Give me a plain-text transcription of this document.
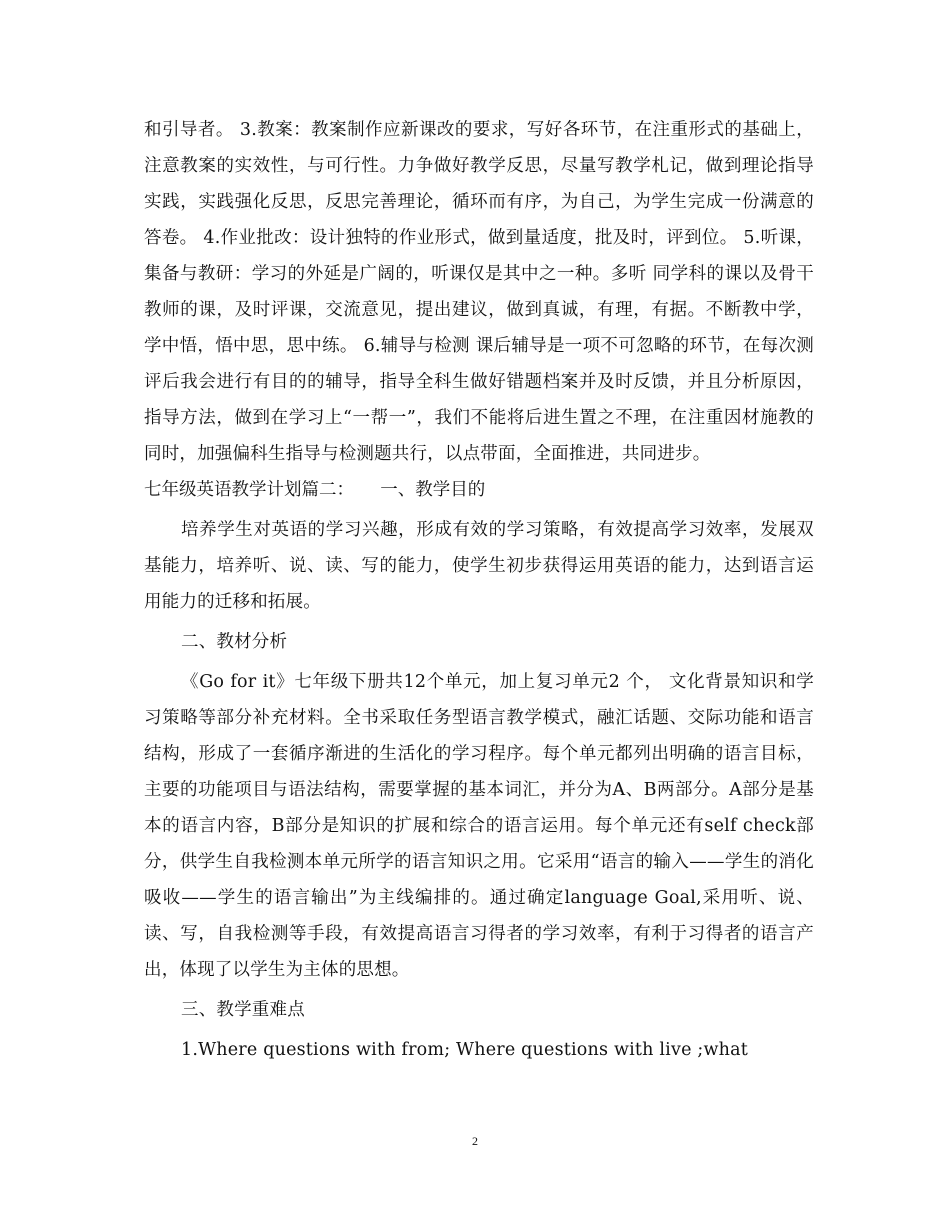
和引导者。 3.教案：教案制作应新课改的要求，写好各环节，在注重形式的基础上， 注意教案的实效性，与可行性。力争做好教学反思，尽量写教学札记，做到理论指导实践，实践强化反思，反思完善理论，循环而有序，为自己，为学生完成一份满意的答卷。 4.作业批改：设计独特的作业形式，做到量适度，批及时，评到位。 5.听课，集备与教研：学习的外延是广阔的，听课仅是其中之一种。多听 同学科的课以及骨干教师的课，及时评课，交流意见，提出建议，做到真诚，有理，有据。不断教中学，学中悟，悟中思，思中练。 6.辅导与检测 课后辅导是一项不可忽略的环节，在每次测评后我会进行有目的的辅导，指导全科生做好错题档案并及时反馈，并且分析原因，指导方法，做到在学习上“一帮一”，我们不能将后进生置之不理，在注重因材施教的同时，加强偏科生指导与检测题共行，以点带面，全面推进，共同进步。

七年级英语教学计划篇二：　　一、教学目的

培养学生对英语的学习兴趣，形成有效的学习策略，有效提高学习效率，发展双基能力，培养听、说、读、写的能力，使学生初步获得运用英语的能力，达到语言运用能力的迁移和拓展。

二、教材分析

《Go for it》七年级下册共12个单元，加上复习单元2 个， 文化背景知识和学习策略等部分补充材料。全书采取任务型语言教学模式，融汇话题、交际功能和语言结构，形成了一套循序渐进的生活化的学习程序。每个单元都列出明确的语言目标，主要的功能项目与语法结构，需要掌握的基本词汇，并分为A、B两部分。A部分是基本的语言内容，B部分是知识的扩展和综合的语言运用。每个单元还有self check部分，供学生自我检测本单元所学的语言知识之用。它采用“语言的输入——学生的消化吸收——学生的语言输出”为主线编排的。通过确定language Goal,采用听、说、读、写，自我检测等手段，有效提高语言习得者的学习效率，有利于习得者的语言产出，体现了以学生为主体的思想。

三、教学重难点

1.Where questions with from; Where questions with live ;what

2
